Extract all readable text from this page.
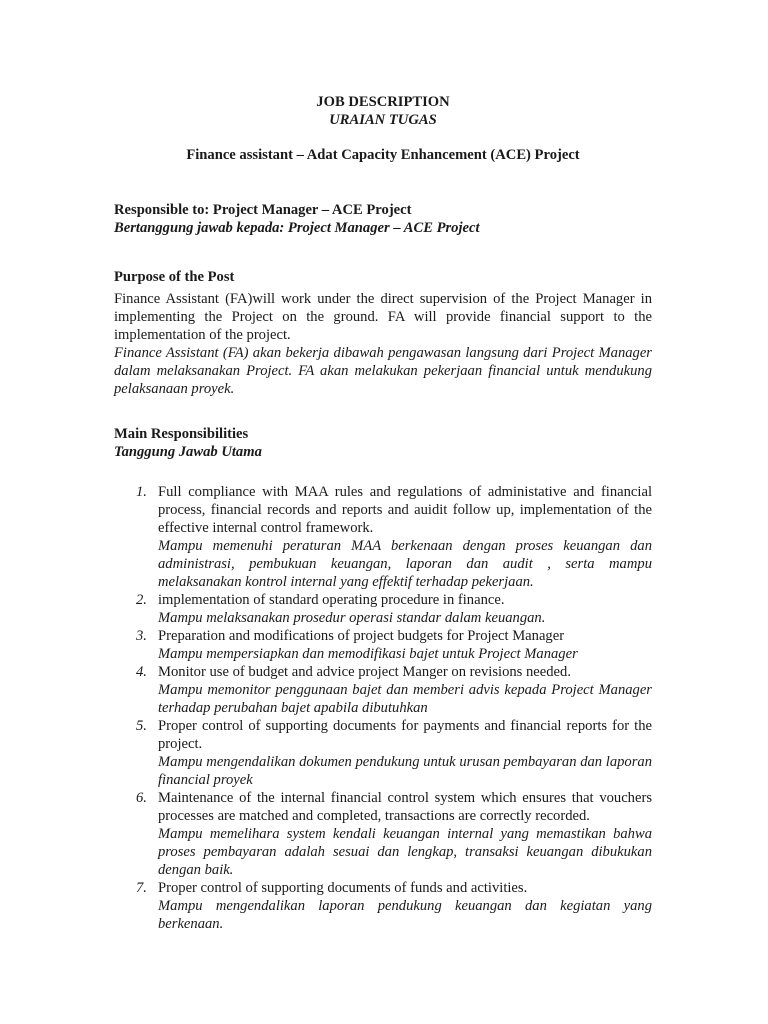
JOB DESCRIPTION

URAIAN TUGAS

Finance assistant – Adat Capacity Enhancement (ACE) Project

Responsible to: Project Manager – ACE Project

Bertanggung jawab kepada: Project Manager – ACE Project

Purpose of the Post

Finance Assistant (FA)will work under the direct supervision of the Project Manager in implementing the Project on the ground. FA will provide financial support to the implementation of the project.

Finance Assistant (FA) akan bekerja dibawah pengawasan langsung dari Project Manager dalam melaksanakan Project. FA akan melakukan pekerjaan financial untuk mendukung pelaksanaan proyek.

Main Responsibilities

Tanggung Jawab Utama

1. Full compliance with MAA rules and regulations of administative and financial process, financial records and reports and auidit follow up, implementation of the effective internal control framework.

Mampu memenuhi peraturan MAA berkenaan dengan proses keuangan dan administrasi, pembukuan keuangan, laporan dan audit , serta mampu melaksanakan kontrol internal yang effektif terhadap pekerjaan.

2. implementation of standard operating procedure in finance.

Mampu melaksanakan prosedur operasi standar dalam keuangan.

3. Preparation and modifications of project budgets for Project Manager

Mampu mempersiapkan dan memodifikasi bajet untuk Project Manager

4. Monitor use of budget and advice project Manger on revisions needed.

Mampu memonitor penggunaan bajet dan memberi advis kepada Project Manager terhadap perubahan bajet apabila dibutuhkan

5. Proper control of supporting documents for payments and financial reports for the project.

Mampu mengendalikan dokumen pendukung untuk urusan pembayaran dan laporan financial proyek

6. Maintenance of the internal financial control system which ensures that vouchers processes are matched and completed, transactions are correctly recorded.

Mampu memelihara system kendali keuangan internal yang memastikan bahwa proses pembayaran adalah sesuai dan lengkap, transaksi keuangan dibukukan dengan baik.

7. Proper control of supporting documents of funds and activities.

Mampu mengendalikan laporan pendukung keuangan dan kegiatan yang berkenaan.
